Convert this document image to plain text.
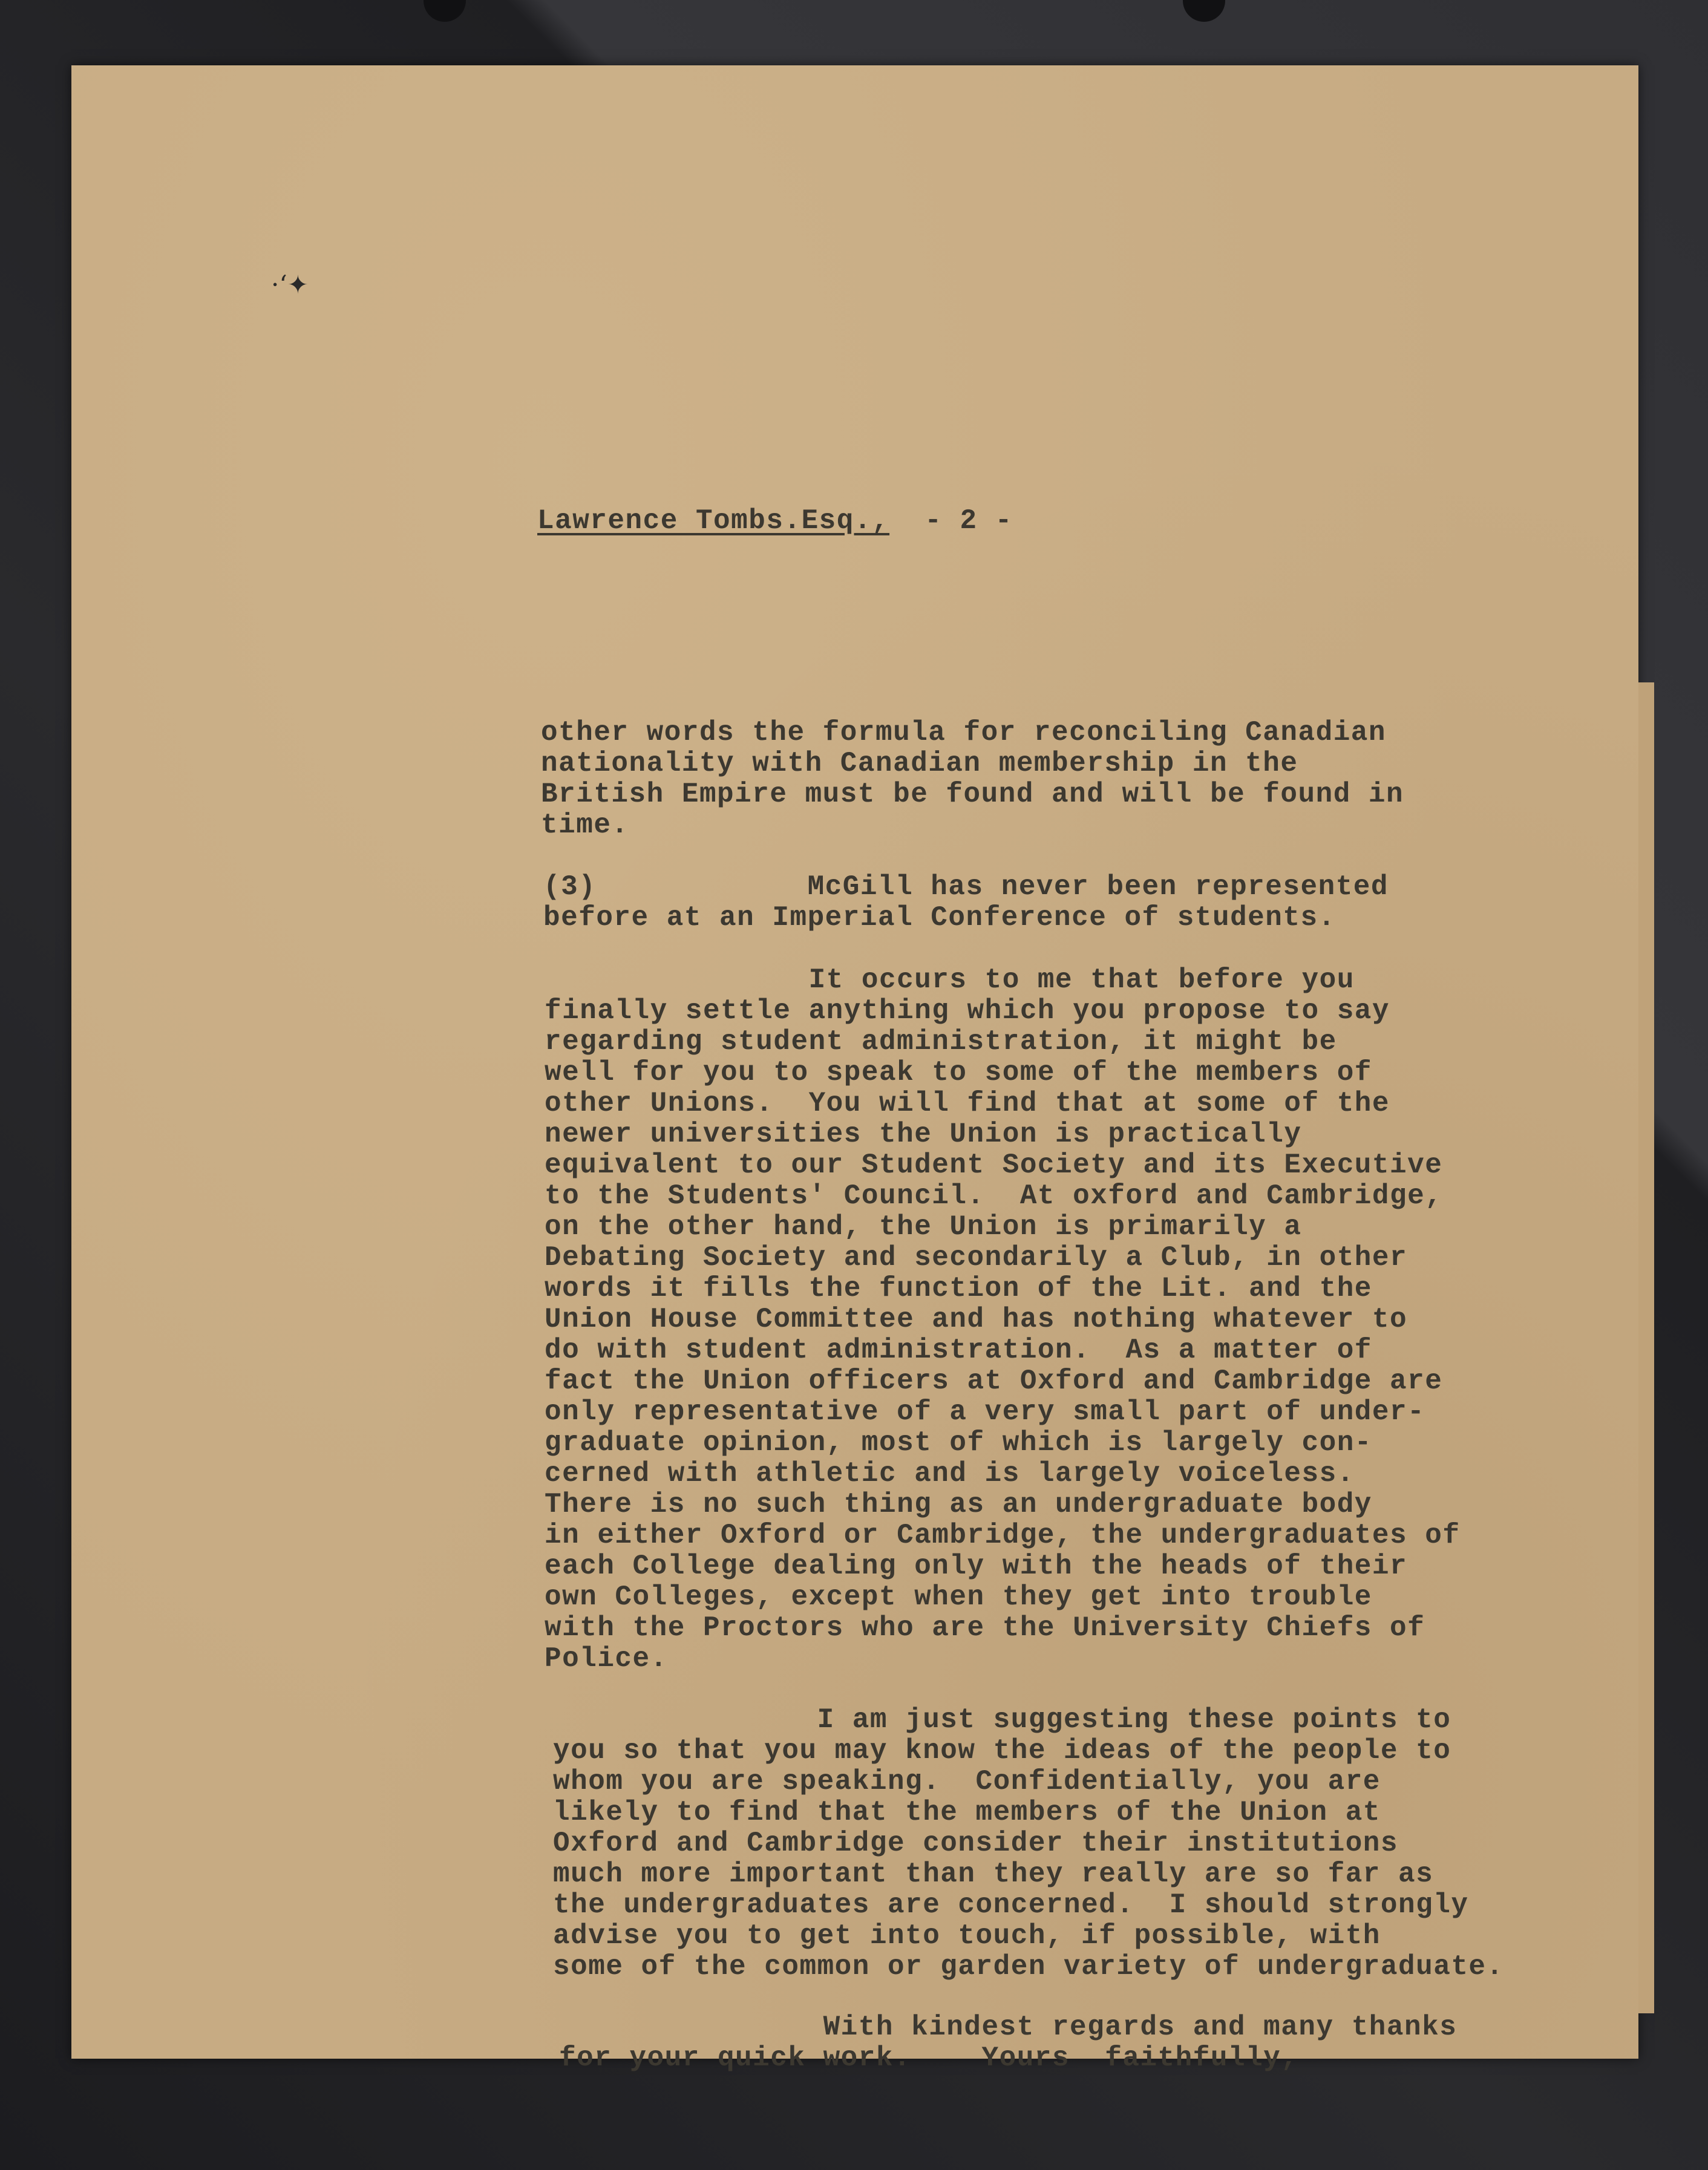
·‘✦
Lawrence Tombs.Esq., - 2 -
other words the formula for reconciling Canadian
nationality with Canadian membership in the
British Empire must be found and will be found in
time.
(3)            McGill has never been represented
before at an Imperial Conference of students.
It occurs to me that before you
finally settle anything which you propose to say
regarding student administration, it might be
well for you to speak to some of the members of
other Unions.  You will find that at some of the
newer universities the Union is practically
equivalent to our Student Society and its Executive
to the Students' Council.  At oxford and Cambridge,
on the other hand, the Union is primarily a
Debating Society and secondarily a Club, in other
words it fills the function of the Lit. and the
Union House Committee and has nothing whatever to
do with student administration.  As a matter of
fact the Union officers at Oxford and Cambridge are
only representative of a very small part of under-
graduate opinion, most of which is largely con-
cerned with athletic and is largely voiceless.
There is no such thing as an undergraduate body
in either Oxford or Cambridge, the undergraduates of
each College dealing only with the heads of their
own Colleges, except when they get into trouble
with the Proctors who are the University Chiefs of
Police.
I am just suggesting these points to
you so that you may know the ideas of the people to
whom you are speaking.  Confidentially, you are
likely to find that the members of the Union at
Oxford and Cambridge consider their institutions
much more important than they really are so far as
the undergraduates are concerned.  I should strongly
advise you to get into touch, if possible, with
some of the common or garden variety of undergraduate.
With kindest regards and many thanks
for your quick work.    Yours  faithfully,
